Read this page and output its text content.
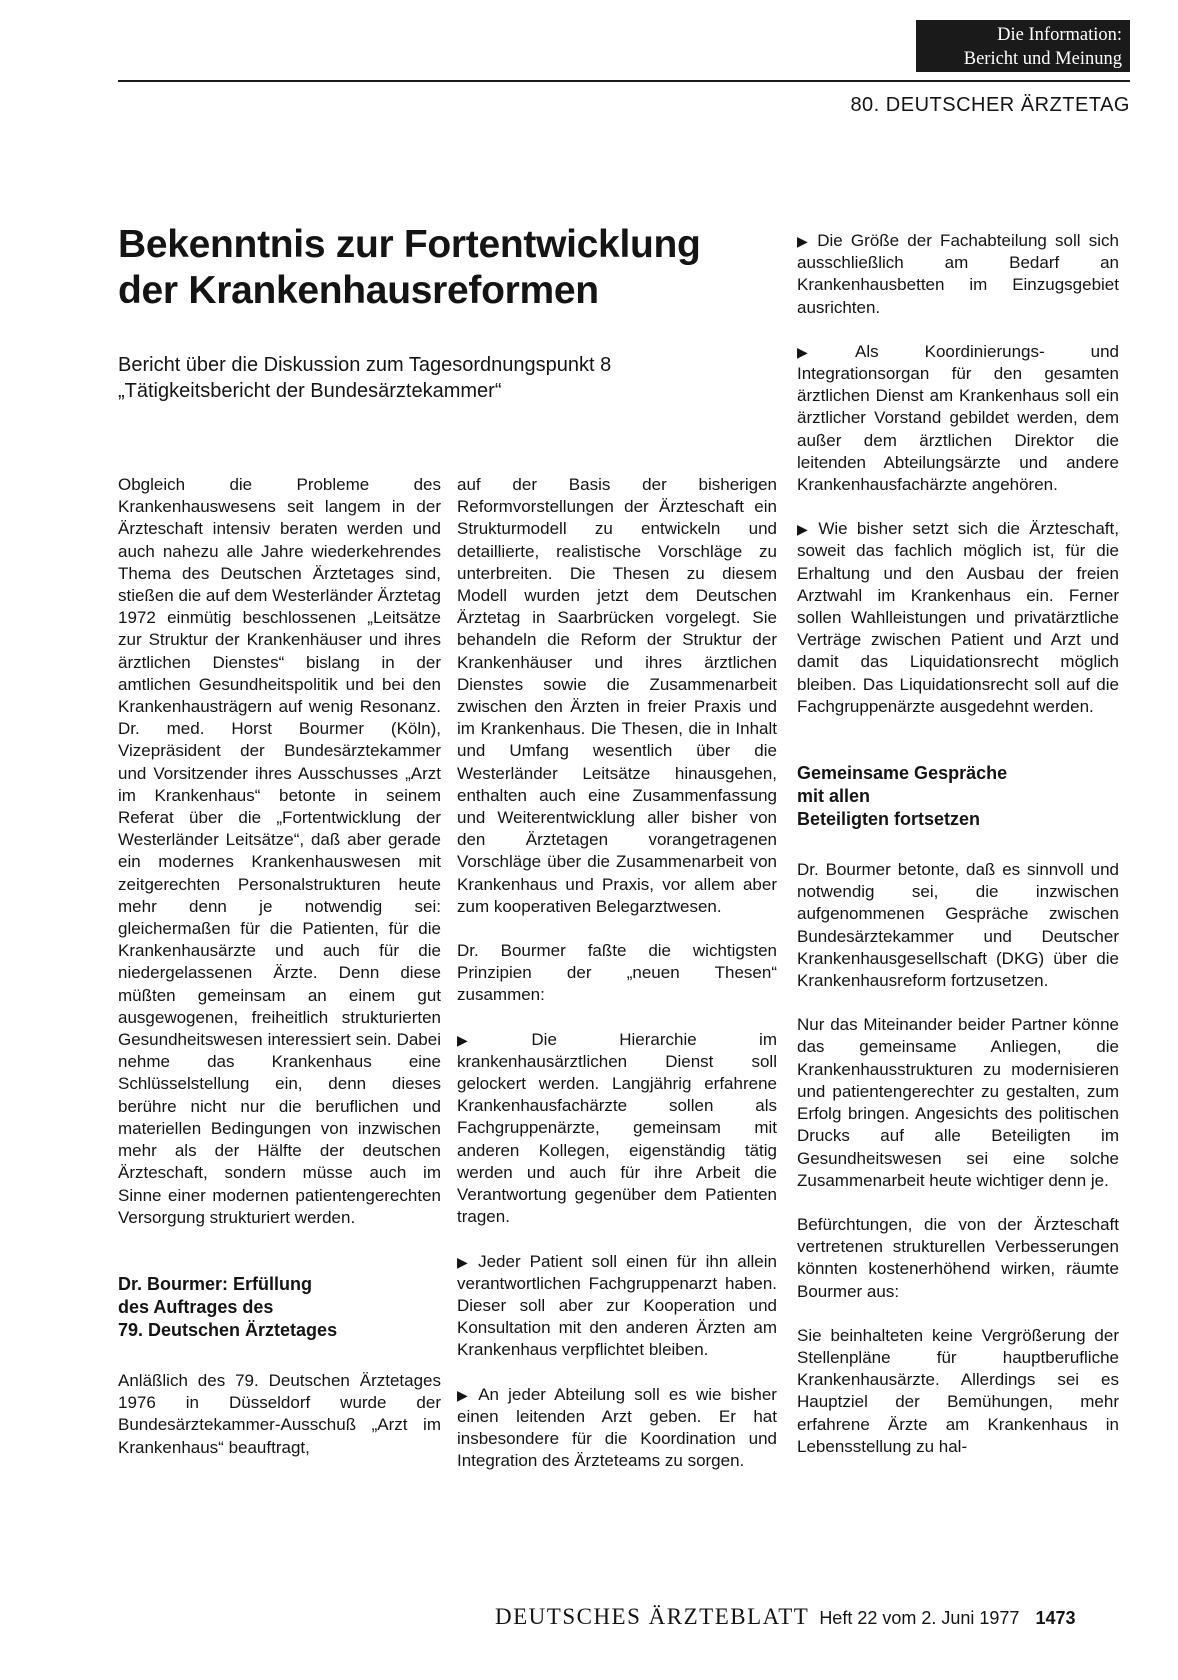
Die Information:
Bericht und Meinung
80. DEUTSCHER ÄRZTETAG
Bekenntnis zur Fortentwicklung
der Krankenhausreformen
Bericht über die Diskussion zum Tagesordnungspunkt 8
„Tätigkeitsbericht der Bundesärztekammer“

Obgleich die Probleme des Krankenhauswesens seit langem in der Ärzteschaft intensiv beraten werden und auch nahezu alle Jahre wiederkehrendes Thema des Deutschen Ärztetages sind, stießen die auf dem Westerländer Ärztetag 1972 einmütig beschlossenen „Leitsätze zur Struktur der Krankenhäuser und ihres ärztlichen Dienstes“ bislang in der amtlichen Gesundheitspolitik und bei den Krankenhausträgern auf wenig Resonanz. Dr. med. Horst Bourmer (Köln), Vizepräsident der Bundesärztekammer und Vorsitzender ihres Ausschusses „Arzt im Krankenhaus“ betonte in seinem Referat über die „Fortentwicklung der Westerländer Leitsätze“, daß aber gerade ein modernes Krankenhauswesen mit zeitgerechten Personalstrukturen heute mehr denn je notwendig sei: gleichermaßen für die Patienten, für die Krankenhausärzte und auch für die niedergelassenen Ärzte. Denn diese müßten gemeinsam an einem gut ausgewogenen, freiheitlich strukturierten Gesundheitswesen interessiert sein. Dabei nehme das Krankenhaus eine Schlüsselstellung ein, denn dieses berühre nicht nur die beruflichen und materiellen Bedingungen von inzwischen mehr als der Hälfte der deutschen Ärzteschaft, sondern müsse auch im Sinne einer modernen patientengerechten Versorgung strukturiert werden.

Dr. Bourmer: Erfüllung
des Auftrages des
79. Deutschen Ärztetages

Anläßlich des 79. Deutschen Ärztetages 1976 in Düsseldorf wurde der Bundesärztekammer-Ausschuß „Arzt im Krankenhaus“ beauftragt,

auf der Basis der bisherigen Reformvorstellungen der Ärzteschaft ein Strukturmodell zu entwickeln und detaillierte, realistische Vorschläge zu unterbreiten. Die Thesen zu diesem Modell wurden jetzt dem Deutschen Ärztetag in Saarbrücken vorgelegt. Sie behandeln die Reform der Struktur der Krankenhäuser und ihres ärztlichen Dienstes sowie die Zusammenarbeit zwischen den Ärzten in freier Praxis und im Krankenhaus. Die Thesen, die in Inhalt und Umfang wesentlich über die Westerländer Leitsätze hinausgehen, enthalten auch eine Zusammenfassung und Weiterentwicklung aller bisher von den Ärztetagen vorangetragenen Vorschläge über die Zusammenarbeit von Krankenhaus und Praxis, vor allem aber zum kooperativen Belegarztwesen.

Dr. Bourmer faßte die wichtigsten Prinzipien der „neuen Thesen“ zusammen:

▶ Die Hierarchie im krankenhausärztlichen Dienst soll gelockert werden. Langjährig erfahrene Krankenhausfachärzte sollen als Fachgruppenärzte, gemeinsam mit anderen Kollegen, eigenständig tätig werden und auch für ihre Arbeit die Verantwortung gegenüber dem Patienten tragen.

▶ Jeder Patient soll einen für ihn allein verantwortlichen Fachgruppenarzt haben. Dieser soll aber zur Kooperation und Konsultation mit den anderen Ärzten am Krankenhaus verpflichtet bleiben.

▶ An jeder Abteilung soll es wie bisher einen leitenden Arzt geben. Er hat insbesondere für die Koordination und Integration des Ärzteteams zu sorgen.

▶ Die Größe der Fachabteilung soll sich ausschließlich am Bedarf an Krankenhausbetten im Einzugsgebiet ausrichten.

▶ Als Koordinierungs- und Integrationsorgan für den gesamten ärztlichen Dienst am Krankenhaus soll ein ärztlicher Vorstand gebildet werden, dem außer dem ärztlichen Direktor die leitenden Abteilungsärzte und andere Krankenhausfachärzte angehören.

▶ Wie bisher setzt sich die Ärzteschaft, soweit das fachlich möglich ist, für die Erhaltung und den Ausbau der freien Arztwahl im Krankenhaus ein. Ferner sollen Wahlleistungen und privatärztliche Verträge zwischen Patient und Arzt und damit das Liquidationsrecht möglich bleiben. Das Liquidationsrecht soll auf die Fachgruppenärzte ausgedehnt werden.

Gemeinsame Gespräche
mit allen
Beteiligten fortsetzen

Dr. Bourmer betonte, daß es sinnvoll und notwendig sei, die inzwischen aufgenommenen Gespräche zwischen Bundesärztekammer und Deutscher Krankenhausgesellschaft (DKG) über die Krankenhausreform fortzusetzen.

Nur das Miteinander beider Partner könne das gemeinsame Anliegen, die Krankenhausstrukturen zu modernisieren und patientengerechter zu gestalten, zum Erfolg bringen. Angesichts des politischen Drucks auf alle Beteiligten im Gesundheitswesen sei eine solche Zusammenarbeit heute wichtiger denn je.

Befürchtungen, die von der Ärzteschaft vertretenen strukturellen Verbesserungen könnten kostenerhöhend wirken, räumte Bourmer aus:

Sie beinhalteten keine Vergrößerung der Stellenpläne für hauptberufliche Krankenhausärzte. Allerdings sei es Hauptziel der Bemühungen, mehr erfahrene Ärzte am Krankenhaus in Lebensstellung zu hal-

DEUTSCHES ÄRZTEBLATT Heft 22 vom 2. Juni 1977 1473
